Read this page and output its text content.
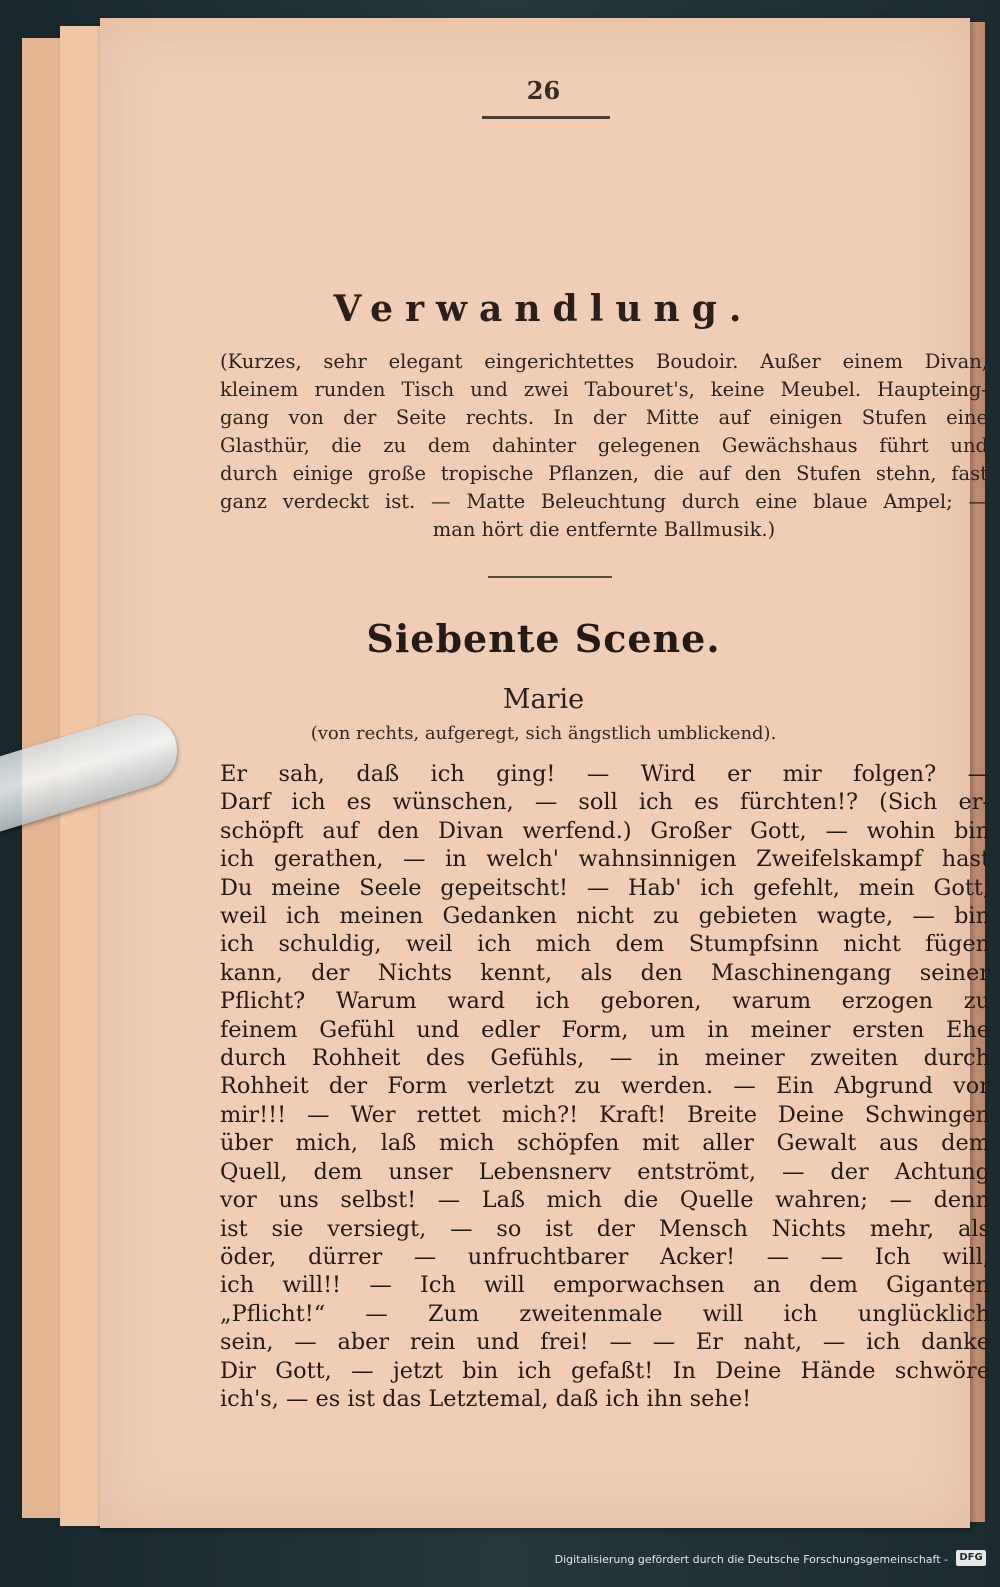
26
Verwandlung.
(Kurzes, sehr elegant eingerichtettes Boudoir. Außer einem Divan,
kleinem runden Tisch und zwei Tabouret's, keine Meubel. Haupteing-
gang von der Seite rechts. In der Mitte auf einigen Stufen eine
Glasthür, die zu dem dahinter gelegenen Gewächshaus führt und
durch einige große tropische Pflanzen, die auf den Stufen stehn, fast
ganz verdeckt ist. — Matte Beleuchtung durch eine blaue Ampel; —
man hört die entfernte Ballmusik.)
Siebente Scene.
Marie
(von rechts, aufgeregt, sich ängstlich umblickend).
Er sah, daß ich ging! — Wird er mir folgen? —
Darf ich es wünschen, — soll ich es fürchten!? (Sich er-
schöpft auf den Divan werfend.) Großer Gott, — wohin bin
ich gerathen, — in welch' wahnsinnigen Zweifelskampf hast
Du meine Seele gepeitscht! — Hab' ich gefehlt, mein Gott,
weil ich meinen Gedanken nicht zu gebieten wagte, — bin
ich schuldig, weil ich mich dem Stumpfsinn nicht fügen
kann, der Nichts kennt, als den Maschinengang seiner
Pflicht? Warum ward ich geboren, warum erzogen zu
feinem Gefühl und edler Form, um in meiner ersten Ehe
durch Rohheit des Gefühls, — in meiner zweiten durch
Rohheit der Form verletzt zu werden. — Ein Abgrund vor
mir!!! — Wer rettet mich?! Kraft! Breite Deine Schwingen
über mich, laß mich schöpfen mit aller Gewalt aus dem
Quell, dem unser Lebensnerv entströmt, — der Achtung
vor uns selbst! — Laß mich die Quelle wahren; — denn
ist sie versiegt, — so ist der Mensch Nichts mehr, als
öder, dürrer — unfruchtbarer Acker! — — Ich will,
ich will!! — Ich will emporwachsen an dem Giganten
„Pflicht!“ — Zum zweitenmale will ich unglücklich
sein, — aber rein und frei! — — Er naht, — ich danke
Dir Gott, — jetzt bin ich gefaßt! In Deine Hände schwöre
ich's, — es ist das Letztemal, daß ich ihn sehe!
Digitalisierung gefördert durch die Deutsche Forschungsgemeinschaft -	DFG
